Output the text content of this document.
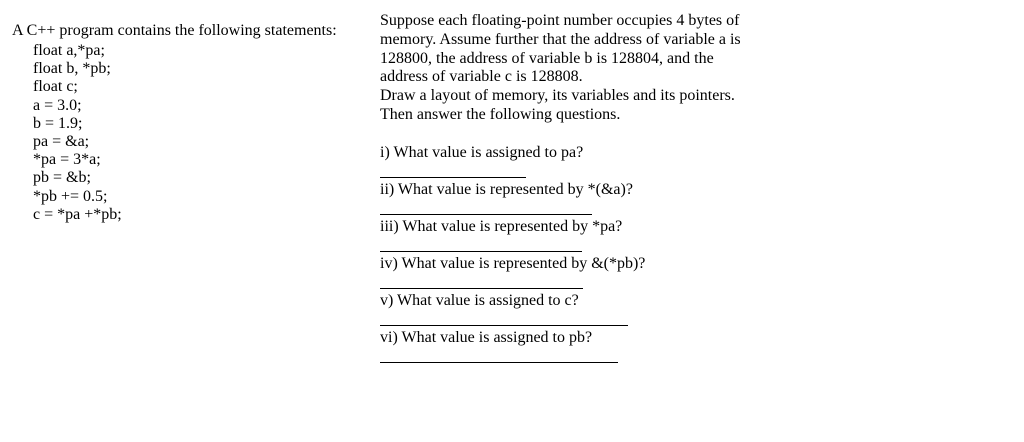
A C++ program contains the following statements:
float a,*pa;
float b, *pb;
float c;
a = 3.0;
b = 1.9;
pa = &a;
*pa = 3*a;
pb = &b;
*pb += 0.5;
c = *pa +*pb;
Suppose each floating-point number occupies 4 bytes of
memory. Assume further that the address of variable a is
128800, the address of variable b is 128804, and the
address of variable c is 128808.
Draw a layout of memory, its variables and its pointers.
Then answer the following questions.
i) What value is assigned to pa?
ii) What value is represented by *(&a)?
iii) What value is represented by *pa?
iv) What value is represented by &(*pb)?
v) What value is assigned to c?
vi) What value is assigned to pb?
